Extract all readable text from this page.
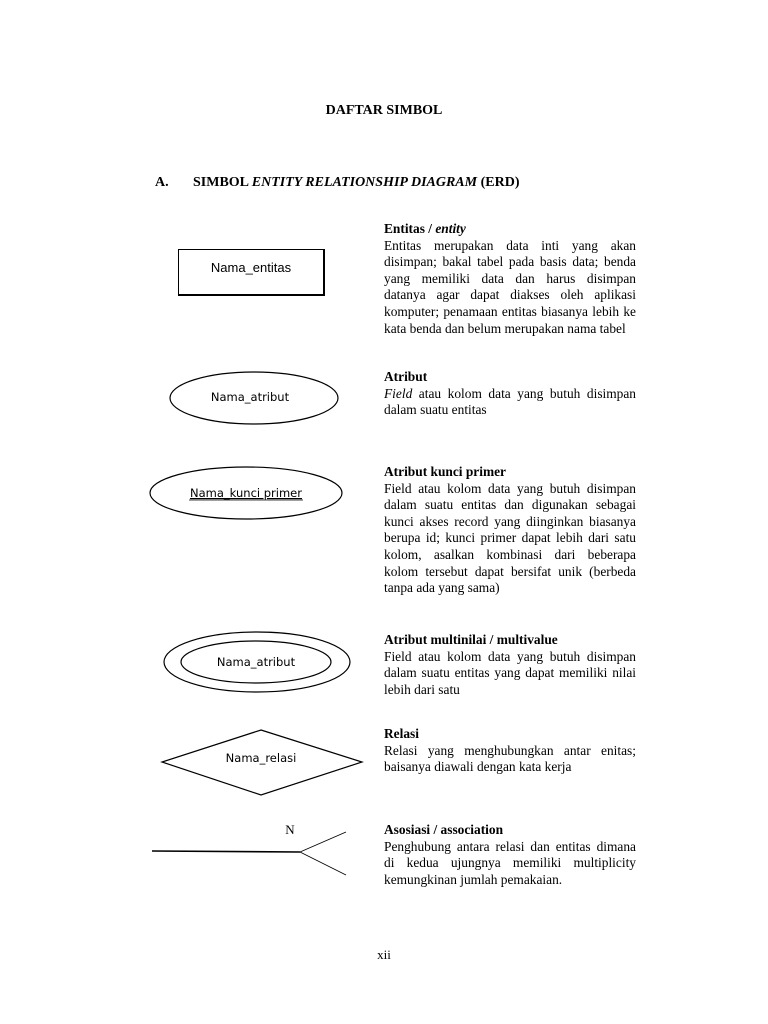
DAFTAR SIMBOL
A. SIMBOL ENTITY RELATIONSHIP DIAGRAM (ERD)
Nama_entitas
Entitas / entity
Entitas merupakan data inti yang akan disimpan; bakal tabel pada basis data; benda yang memiliki data dan harus disimpan datanya agar dapat diakses oleh aplikasi komputer; penamaan entitas biasanya lebih ke kata benda dan belum merupakan nama tabel
Nama_atribut
Atribut
Field atau kolom data yang butuh disimpan dalam suatu entitas
Nama_kunci primer
Atribut kunci primer
Field atau kolom data yang butuh disimpan dalam suatu entitas dan digunakan sebagai kunci akses record yang diinginkan biasanya berupa id; kunci primer dapat lebih dari satu kolom, asalkan kombinasi dari beberapa kolom tersebut dapat bersifat unik (berbeda tanpa ada yang sama)
Nama_atribut
Atribut multinilai / multivalue
Field atau kolom data yang butuh disimpan dalam suatu entitas yang dapat memiliki nilai lebih dari satu
Nama_relasi
Relasi
Relasi yang menghubungkan antar enitas; baisanya diawali dengan kata kerja
N	Asosiasi / association
Penghubung antara relasi dan entitas dimana di kedua ujungnya memiliki multiplicity kemungkinan jumlah pemakaian.
xii
